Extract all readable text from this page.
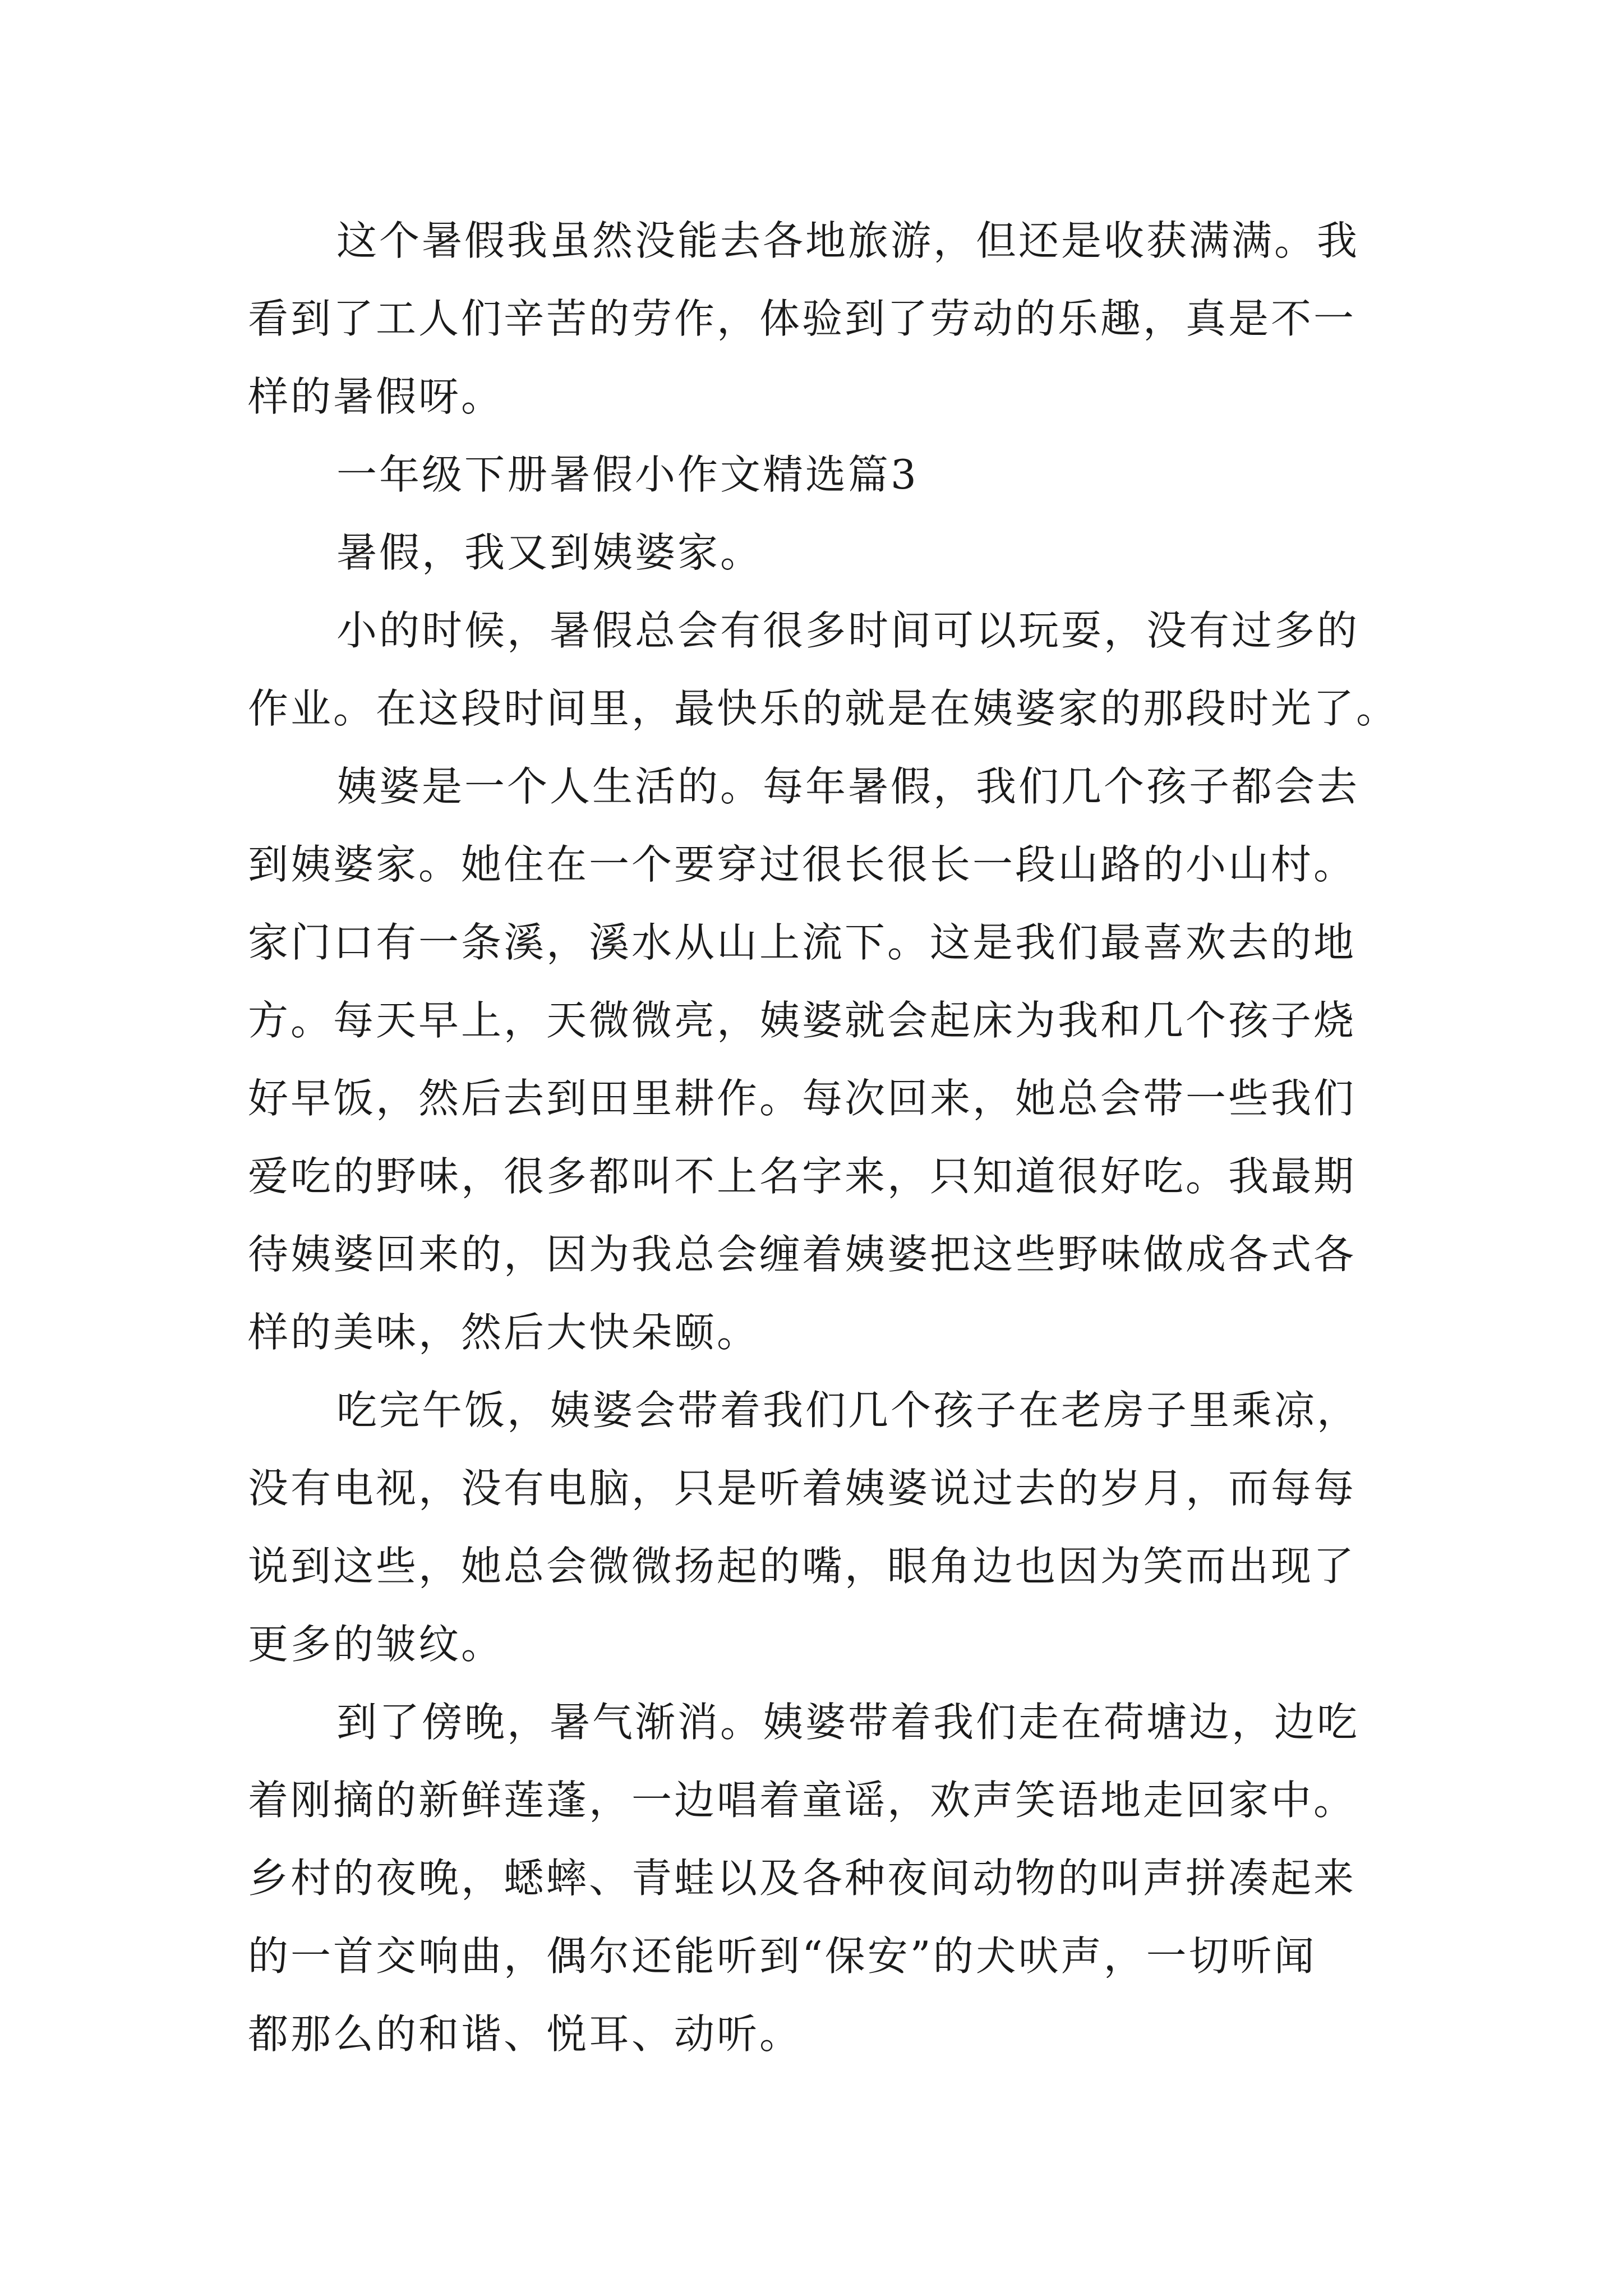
这个暑假我虽然没能去各地旅游，但还是收获满满。我
看到了工人们辛苦的劳作，体验到了劳动的乐趣，真是不一
样的暑假呀。
一年级下册暑假小作文精选篇3
暑假，我又到姨婆家。
小的时候，暑假总会有很多时间可以玩耍，没有过多的
作业。在这段时间里，最快乐的就是在姨婆家的那段时光了。
姨婆是一个人生活的。每年暑假，我们几个孩子都会去
到姨婆家。她住在一个要穿过很长很长一段山路的小山村。
家门口有一条溪，溪水从山上流下。这是我们最喜欢去的地
方。每天早上，天微微亮，姨婆就会起床为我和几个孩子烧
好早饭，然后去到田里耕作。每次回来，她总会带一些我们
爱吃的野味，很多都叫不上名字来，只知道很好吃。我最期
待姨婆回来的，因为我总会缠着姨婆把这些野味做成各式各
样的美味，然后大快朵颐。
吃完午饭，姨婆会带着我们几个孩子在老房子里乘凉，
没有电视，没有电脑，只是听着姨婆说过去的岁月，而每每
说到这些，她总会微微扬起的嘴，眼角边也因为笑而出现了
更多的皱纹。
到了傍晚，暑气渐消。姨婆带着我们走在荷塘边，边吃
着刚摘的新鲜莲蓬，一边唱着童谣，欢声笑语地走回家中。
乡村的夜晚，蟋蟀、青蛙以及各种夜间动物的叫声拼凑起来
的一首交响曲，偶尔还能听到“保安”的犬吠声，一切听闻
都那么的和谐、悦耳、动听。
